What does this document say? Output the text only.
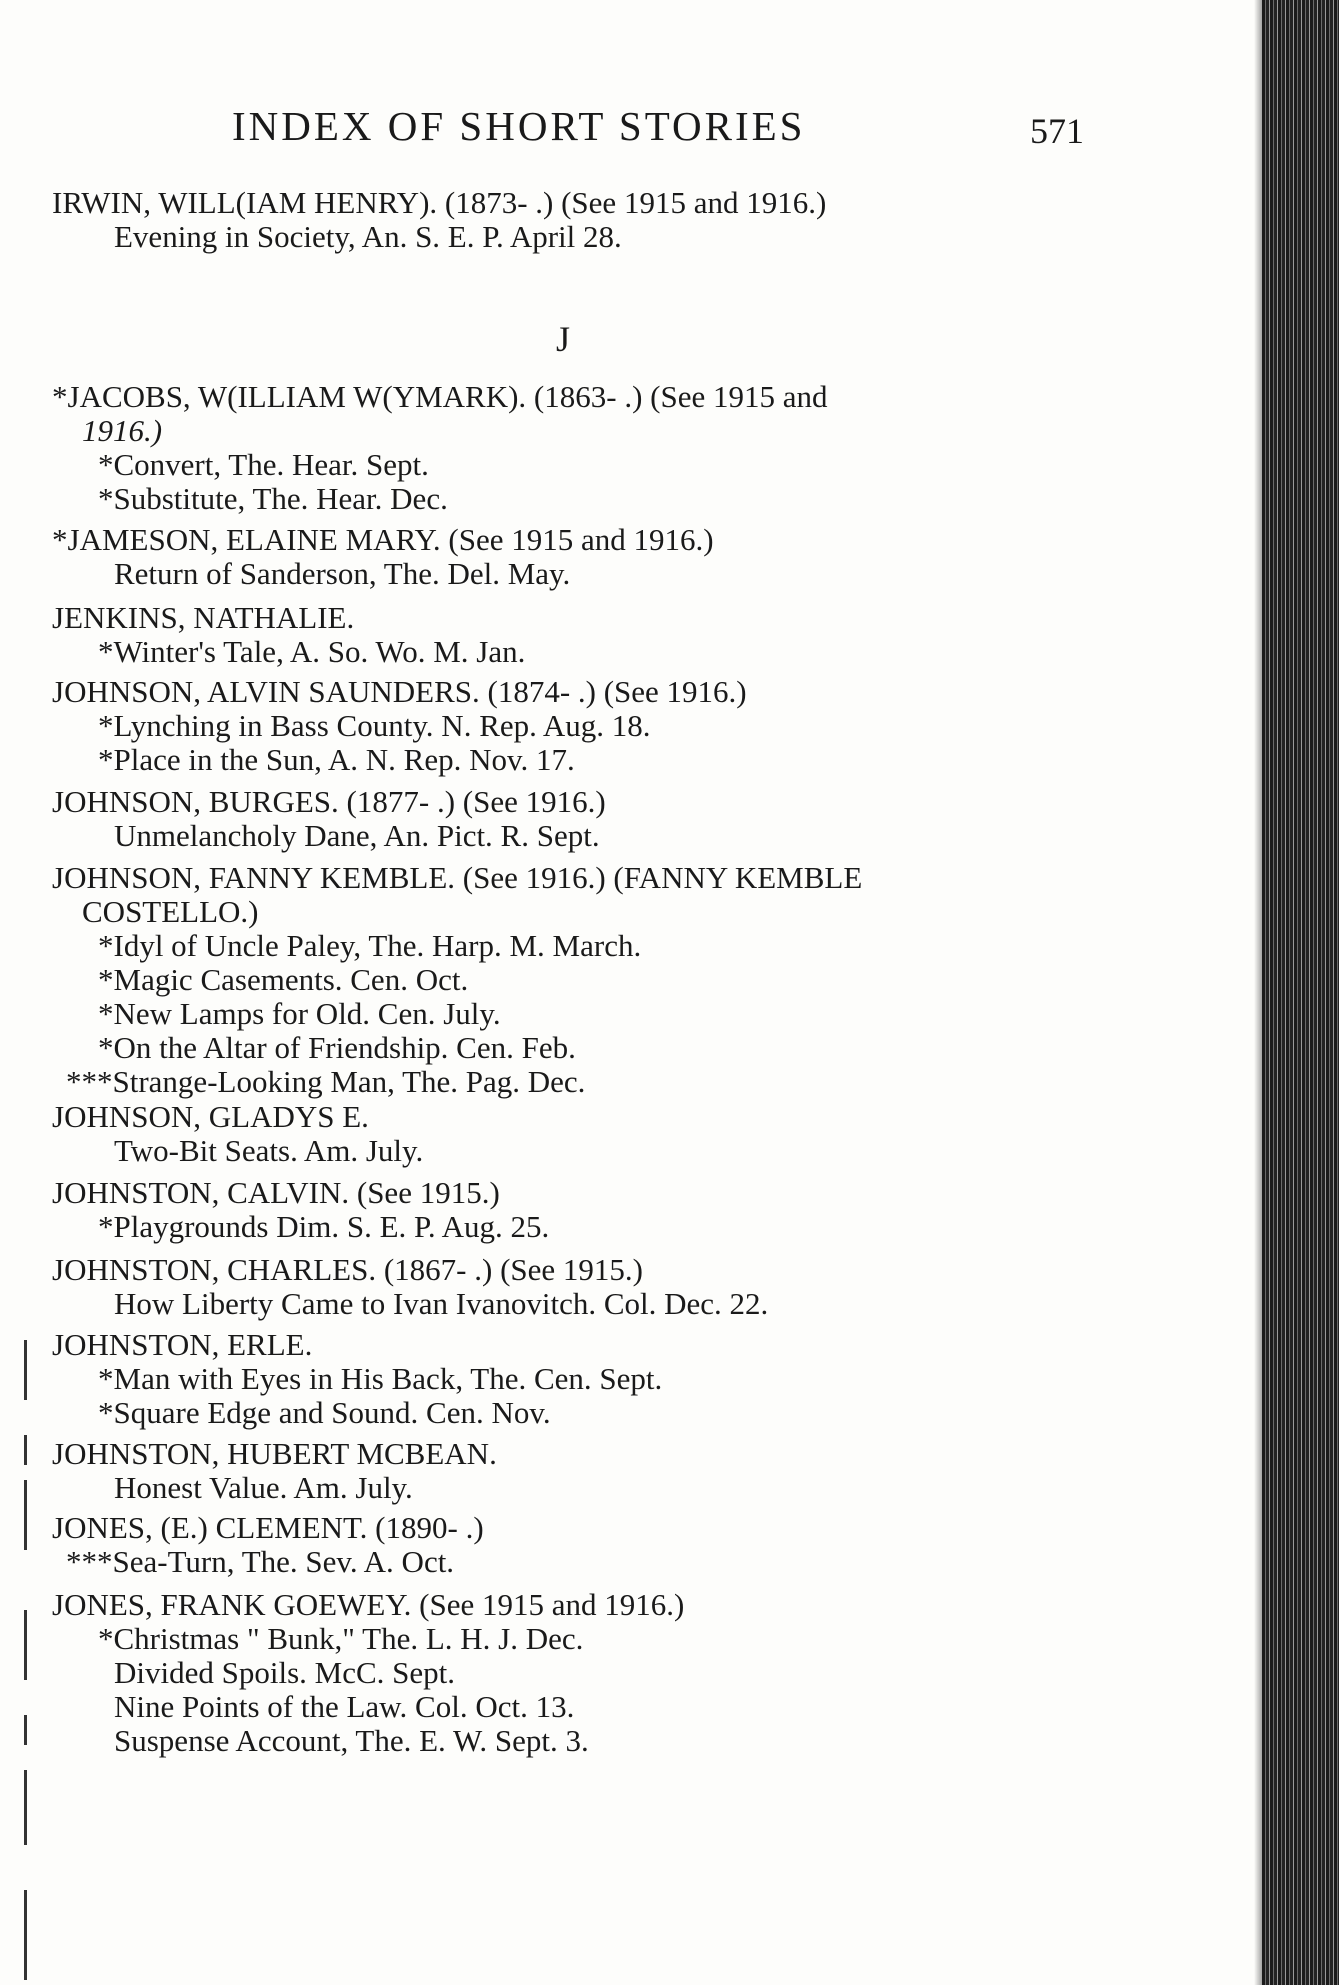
INDEX OF SHORT STORIES	571
J
IRWIN, WILL(IAM HENRY). (1873- .) (See 1915 and 1916.)
Evening in Society, An. S. E. P. April 28.
*JACOBS, W(ILLIAM W(YMARK). (1863- .) (See 1915 and
1916.)
*Convert, The. Hear. Sept.
*Substitute, The. Hear. Dec.
*JAMESON, ELAINE MARY. (See 1915 and 1916.)
Return of Sanderson, The. Del. May.
JENKINS, NATHALIE.
*Winter's Tale, A. So. Wo. M. Jan.
JOHNSON, ALVIN SAUNDERS. (1874- .) (See 1916.)
*Lynching in Bass County. N. Rep. Aug. 18.
*Place in the Sun, A. N. Rep. Nov. 17.
JOHNSON, BURGES. (1877- .) (See 1916.)
Unmelancholy Dane, An. Pict. R. Sept.
JOHNSON, FANNY KEMBLE. (See 1916.) (FANNY KEMBLE
COSTELLO.)
*Idyl of Uncle Paley, The. Harp. M. March.
*Magic Casements. Cen. Oct.
*New Lamps for Old. Cen. July.
*On the Altar of Friendship. Cen. Feb.
***Strange-Looking Man, The. Pag. Dec.
JOHNSON, GLADYS E.
Two-Bit Seats. Am. July.
JOHNSTON, CALVIN. (See 1915.)
*Playgrounds Dim. S. E. P. Aug. 25.
JOHNSTON, CHARLES. (1867- .) (See 1915.)
How Liberty Came to Ivan Ivanovitch. Col. Dec. 22.
JOHNSTON, ERLE.
*Man with Eyes in His Back, The. Cen. Sept.
*Square Edge and Sound. Cen. Nov.
JOHNSTON, HUBERT MCBEAN.
Honest Value. Am. July.
JONES, (E.) CLEMENT. (1890- .)
***Sea-Turn, The. Sev. A. Oct.
JONES, FRANK GOEWEY. (See 1915 and 1916.)
*Christmas " Bunk," The. L. H. J. Dec.
Divided Spoils. McC. Sept.
Nine Points of the Law. Col. Oct. 13.
Suspense Account, The. E. W. Sept. 3.
